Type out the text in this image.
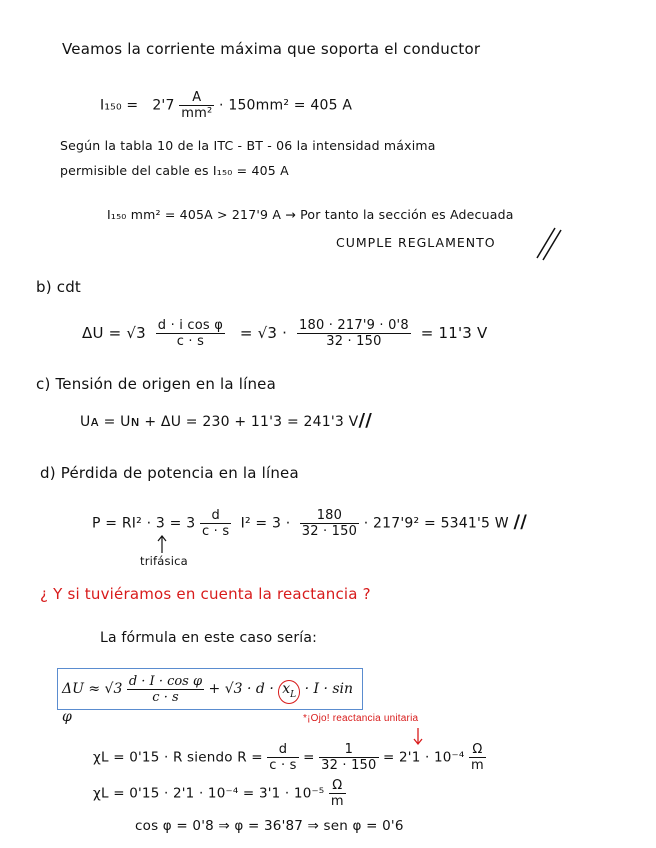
Veamos la corriente máxima que soporta el conductor
$I_{150} = 2'7 \frac{A}{\text{mm²}} \cdot 150mm^2 = 405$ A
Según la tabla 10 de la ITC - BT - 06 la intensidad máxima
permisible del cable es I₁₅₀ = 405 A
I₁₅₀ mm² = 405A > 217'9 A → Por tanto la sección es Adecuada
CUMPLE REGLAMENTO
b) cdt
$\Delta U = √3 \frac{\text{d · i cos φ}}{c \cdot s} = √3 \cdot \frac{180 \cdot 217'9 \cdot 0'8}{32 \cdot 150} = 11'3$ V
c) Tensión de origen en la línea
Uᴀ = Uɴ + ΔU = 230 + 11'3 = 241'3 V//
d) Pérdida de potencia en la línea
$P = RI^2 \cdot 3 = 3 \frac{d}{c \cdot s} I^2 = 3 \cdot \frac{180}{32 \cdot 150} \cdot 217'9^2 = 5341'5$ W //
trifásica
¿ Y si tuviéramos en cuenta la reactancia ?
La fórmula en este caso sería:
$\Delta U \approx √3 \frac{\text{d · I · cos φ}}{c \cdot s} + √3 \cdot d \cdot x_L \cdot I \cdot \sin \varphi$	*¡Ojo! reactancia unitaria
χL = 0'15 · R siendo $R = \frac{d}{c \cdot s} = \frac{1}{32 \cdot 150} = 2'1 \cdot 10^{-4} \frac{\Omega}{m}$
$\chi L = 0'15 \cdot 2'1 \cdot 10^{-4} = 3'1 \cdot 10^{-5} \frac{\Omega}{m}$
cos φ = 0'8 ⇒ φ = 36'87 ⇒ sen φ = 0'6
